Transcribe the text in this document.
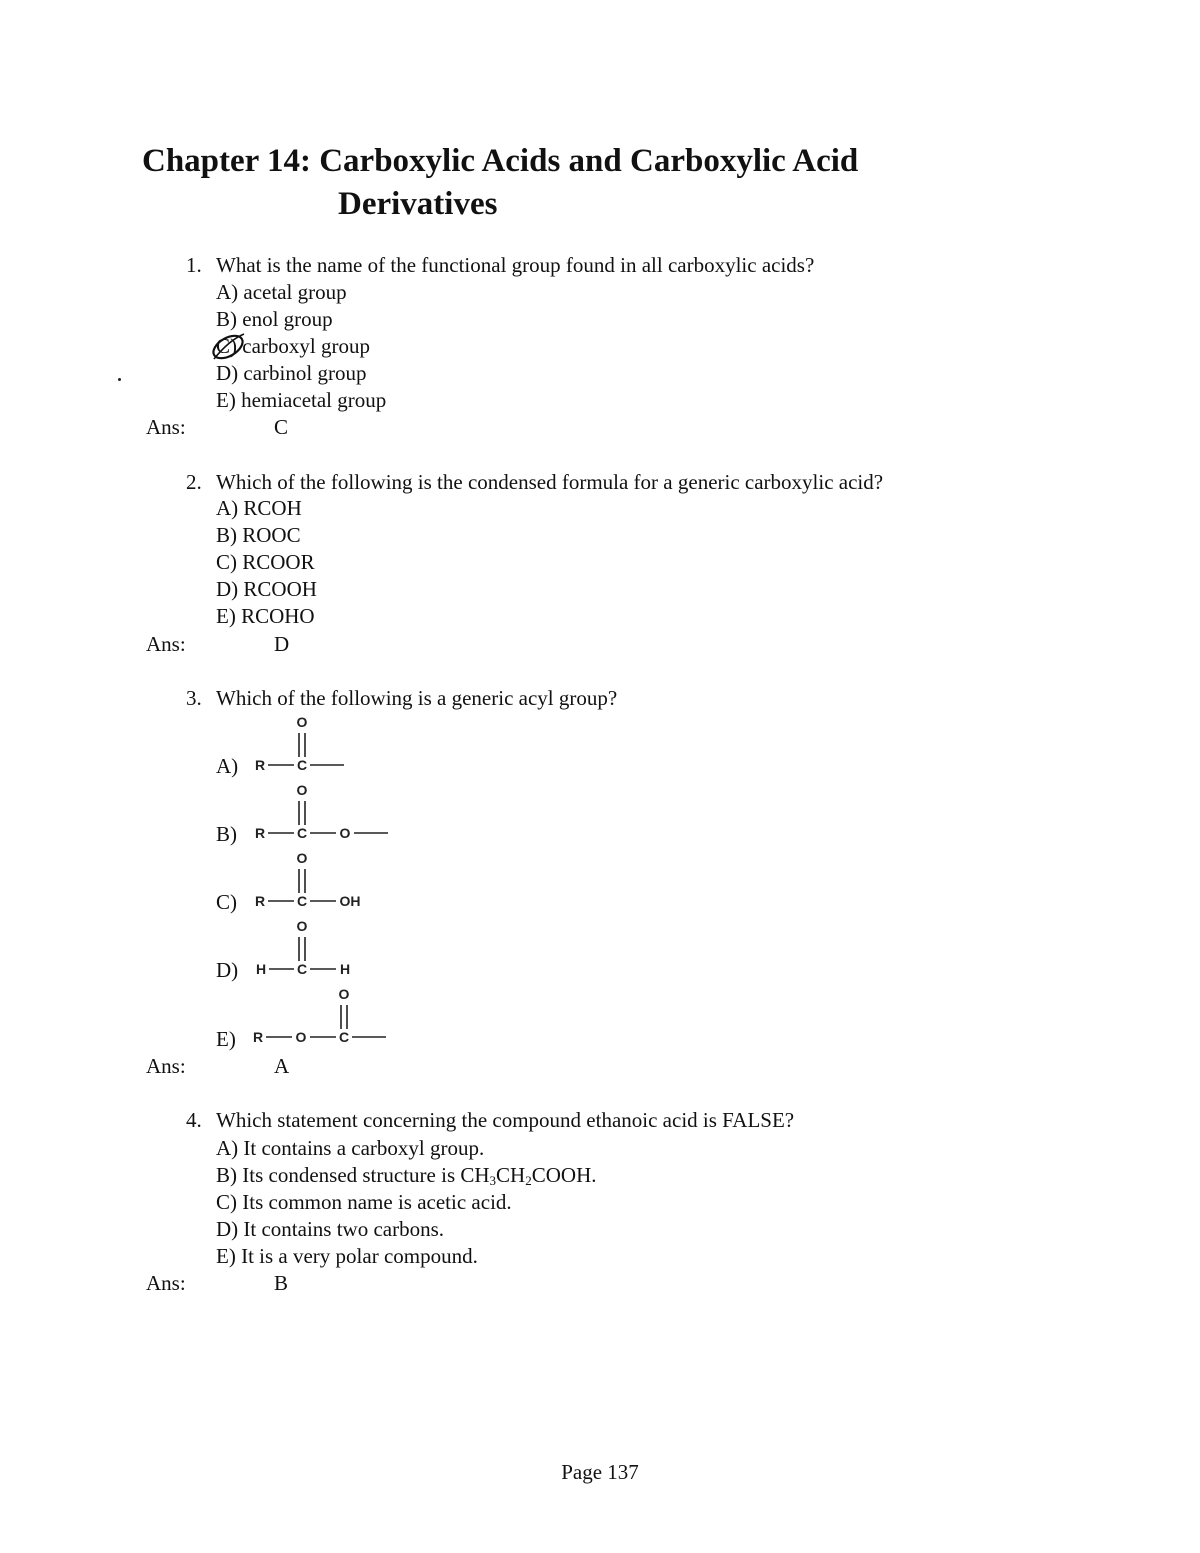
Chapter 14: Carboxylic Acids and Carboxylic Acid
Derivatives
1. What is the name of the functional group found in all carboxylic acids?
A) acetal group
B) enol group
C) carboxyl group
D) carbinol group
E) hemiacetal group
Ans:	C
2. Which of the following is the condensed formula for a generic carboxylic acid?
A) RCOH
B) ROOC
C) RCOOR
D) RCOOH
E) RCOHO
Ans:	D
3. Which of the following is a generic acyl group?
A)
O
R C
B)
O
R C O
C)
O
R C OH
D)
O
H C H
E)
O
R O C
Ans:	A
4. Which statement concerning the compound ethanoic acid is FALSE?
A) It contains a carboxyl group.
B) Its condensed structure is $CH_3CH_2COOH$.
C) Its common name is acetic acid.
D) It contains two carbons.
E) It is a very polar compound.
Ans:	B
Page 137
